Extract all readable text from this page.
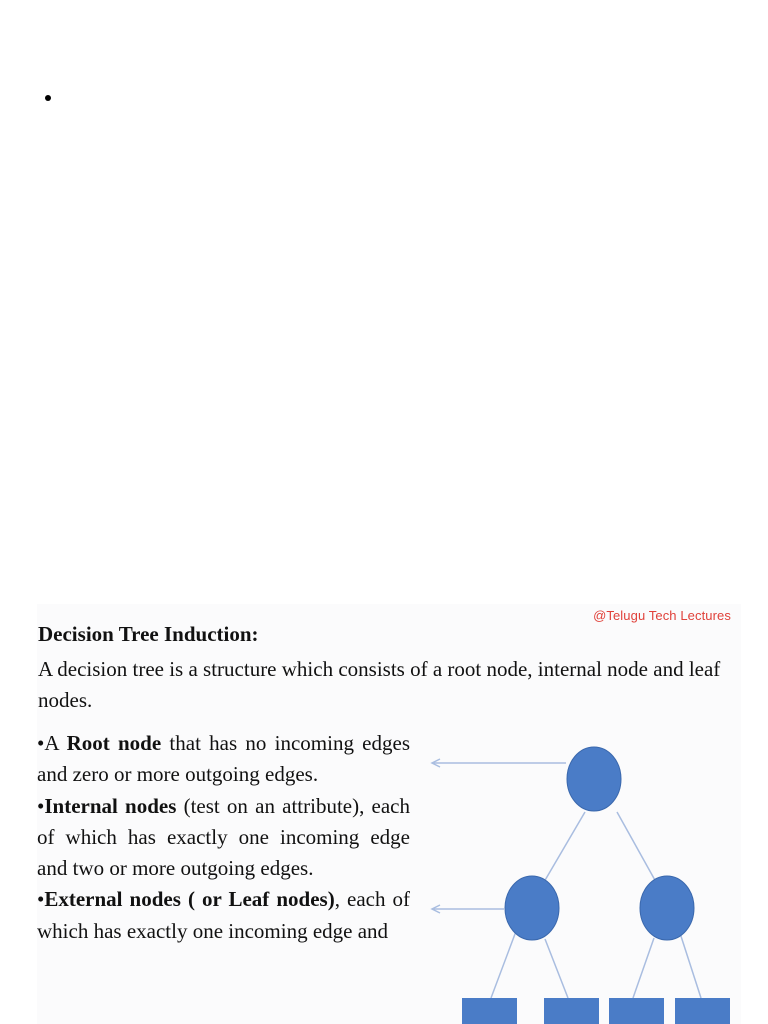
@Telugu Tech Lectures
Decision Tree Induction:
A decision tree is a structure which consists of a root node, internal node and leaf nodes.

•A Root node that has no incoming edges and zero or more outgoing edges.

•Internal nodes (test on an attribute), each of which has exactly one incoming edge and two or more outgoing edges.

•External nodes ( or Leaf nodes), each of which has exactly one incoming edge and
